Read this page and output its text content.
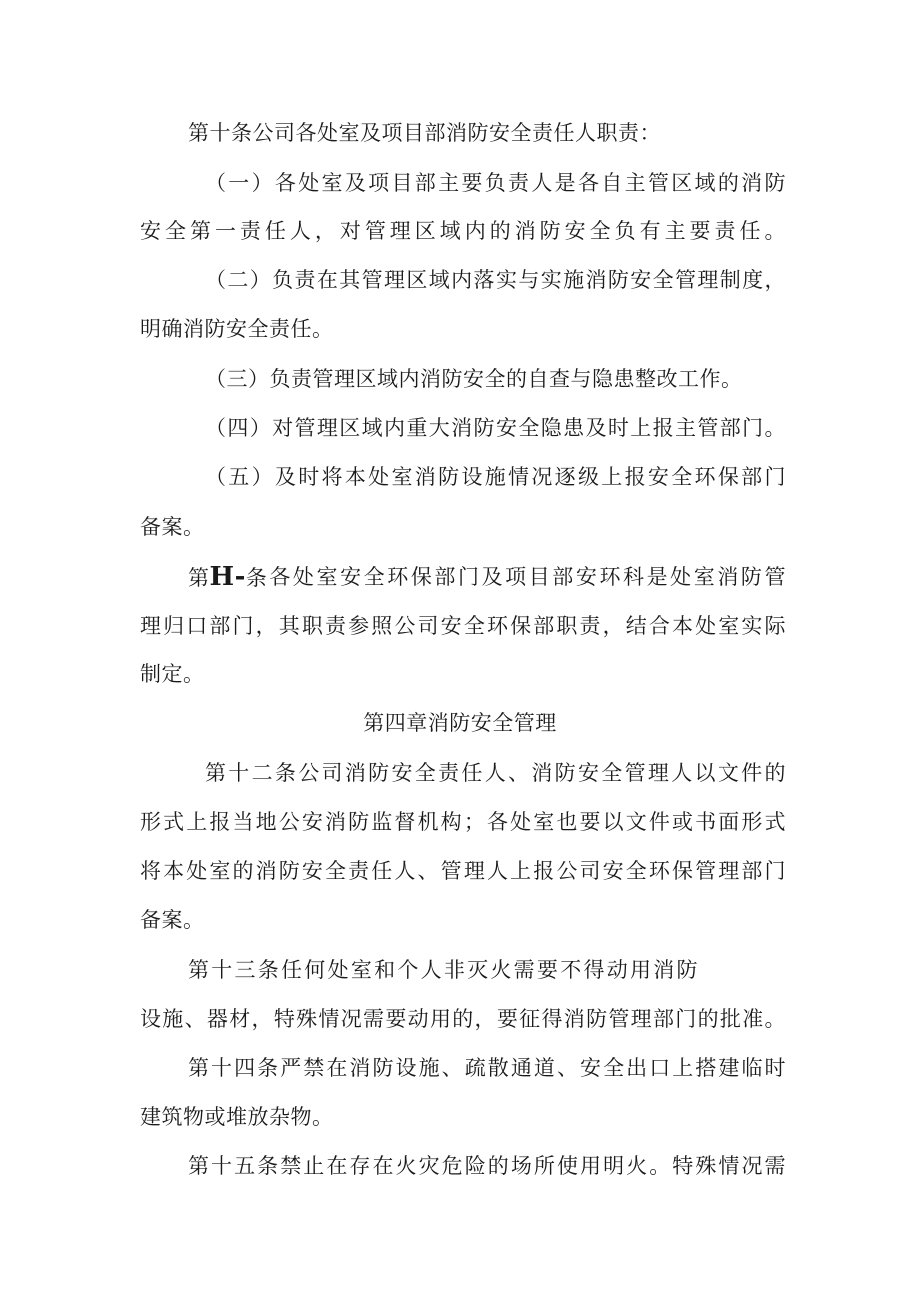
第十条公司各处室及项目部消防安全责任人职责：
（一）各处室及项目部主要负责人是各自主管区域的消防
安全第一责任人，对管理区域内的消防安全负有主要责任。
（二）负责在其管理区域内落实与实施消防安全管理制度，
明确消防安全责任。
（三）负责管理区域内消防安全的自查与隐患整改工作。
（四）对管理区域内重大消防安全隐患及时上报主管部门。
（五）及时将本处室消防设施情况逐级上报安全环保部门
备案。
第H-条 各处室安全环保部门及项目部安环科是处室消防管
理归口部门，其职责参照公司安全环保部职责，结合本处室实际
制定。
第四章消防安全管理
第十二条公司消防安全责任人、消防安全管理人以文件的
形式上报当地公安消防监督机构；各处室也要以文件或书面形式
将本处室的消防安全责任人、管理人上报公司安全环保管理部门
备案。
第十三条任何处室和个人非灭火需要不得动用消防
设施、器材，特殊情况需要动用的，要征得消防管理部门的批准。
第十四条严禁在消防设施、疏散通道、安全出口上搭建临时
建筑物或堆放杂物。
第十五条禁止在存在火灾危险的场所使用明火。特殊情况需
